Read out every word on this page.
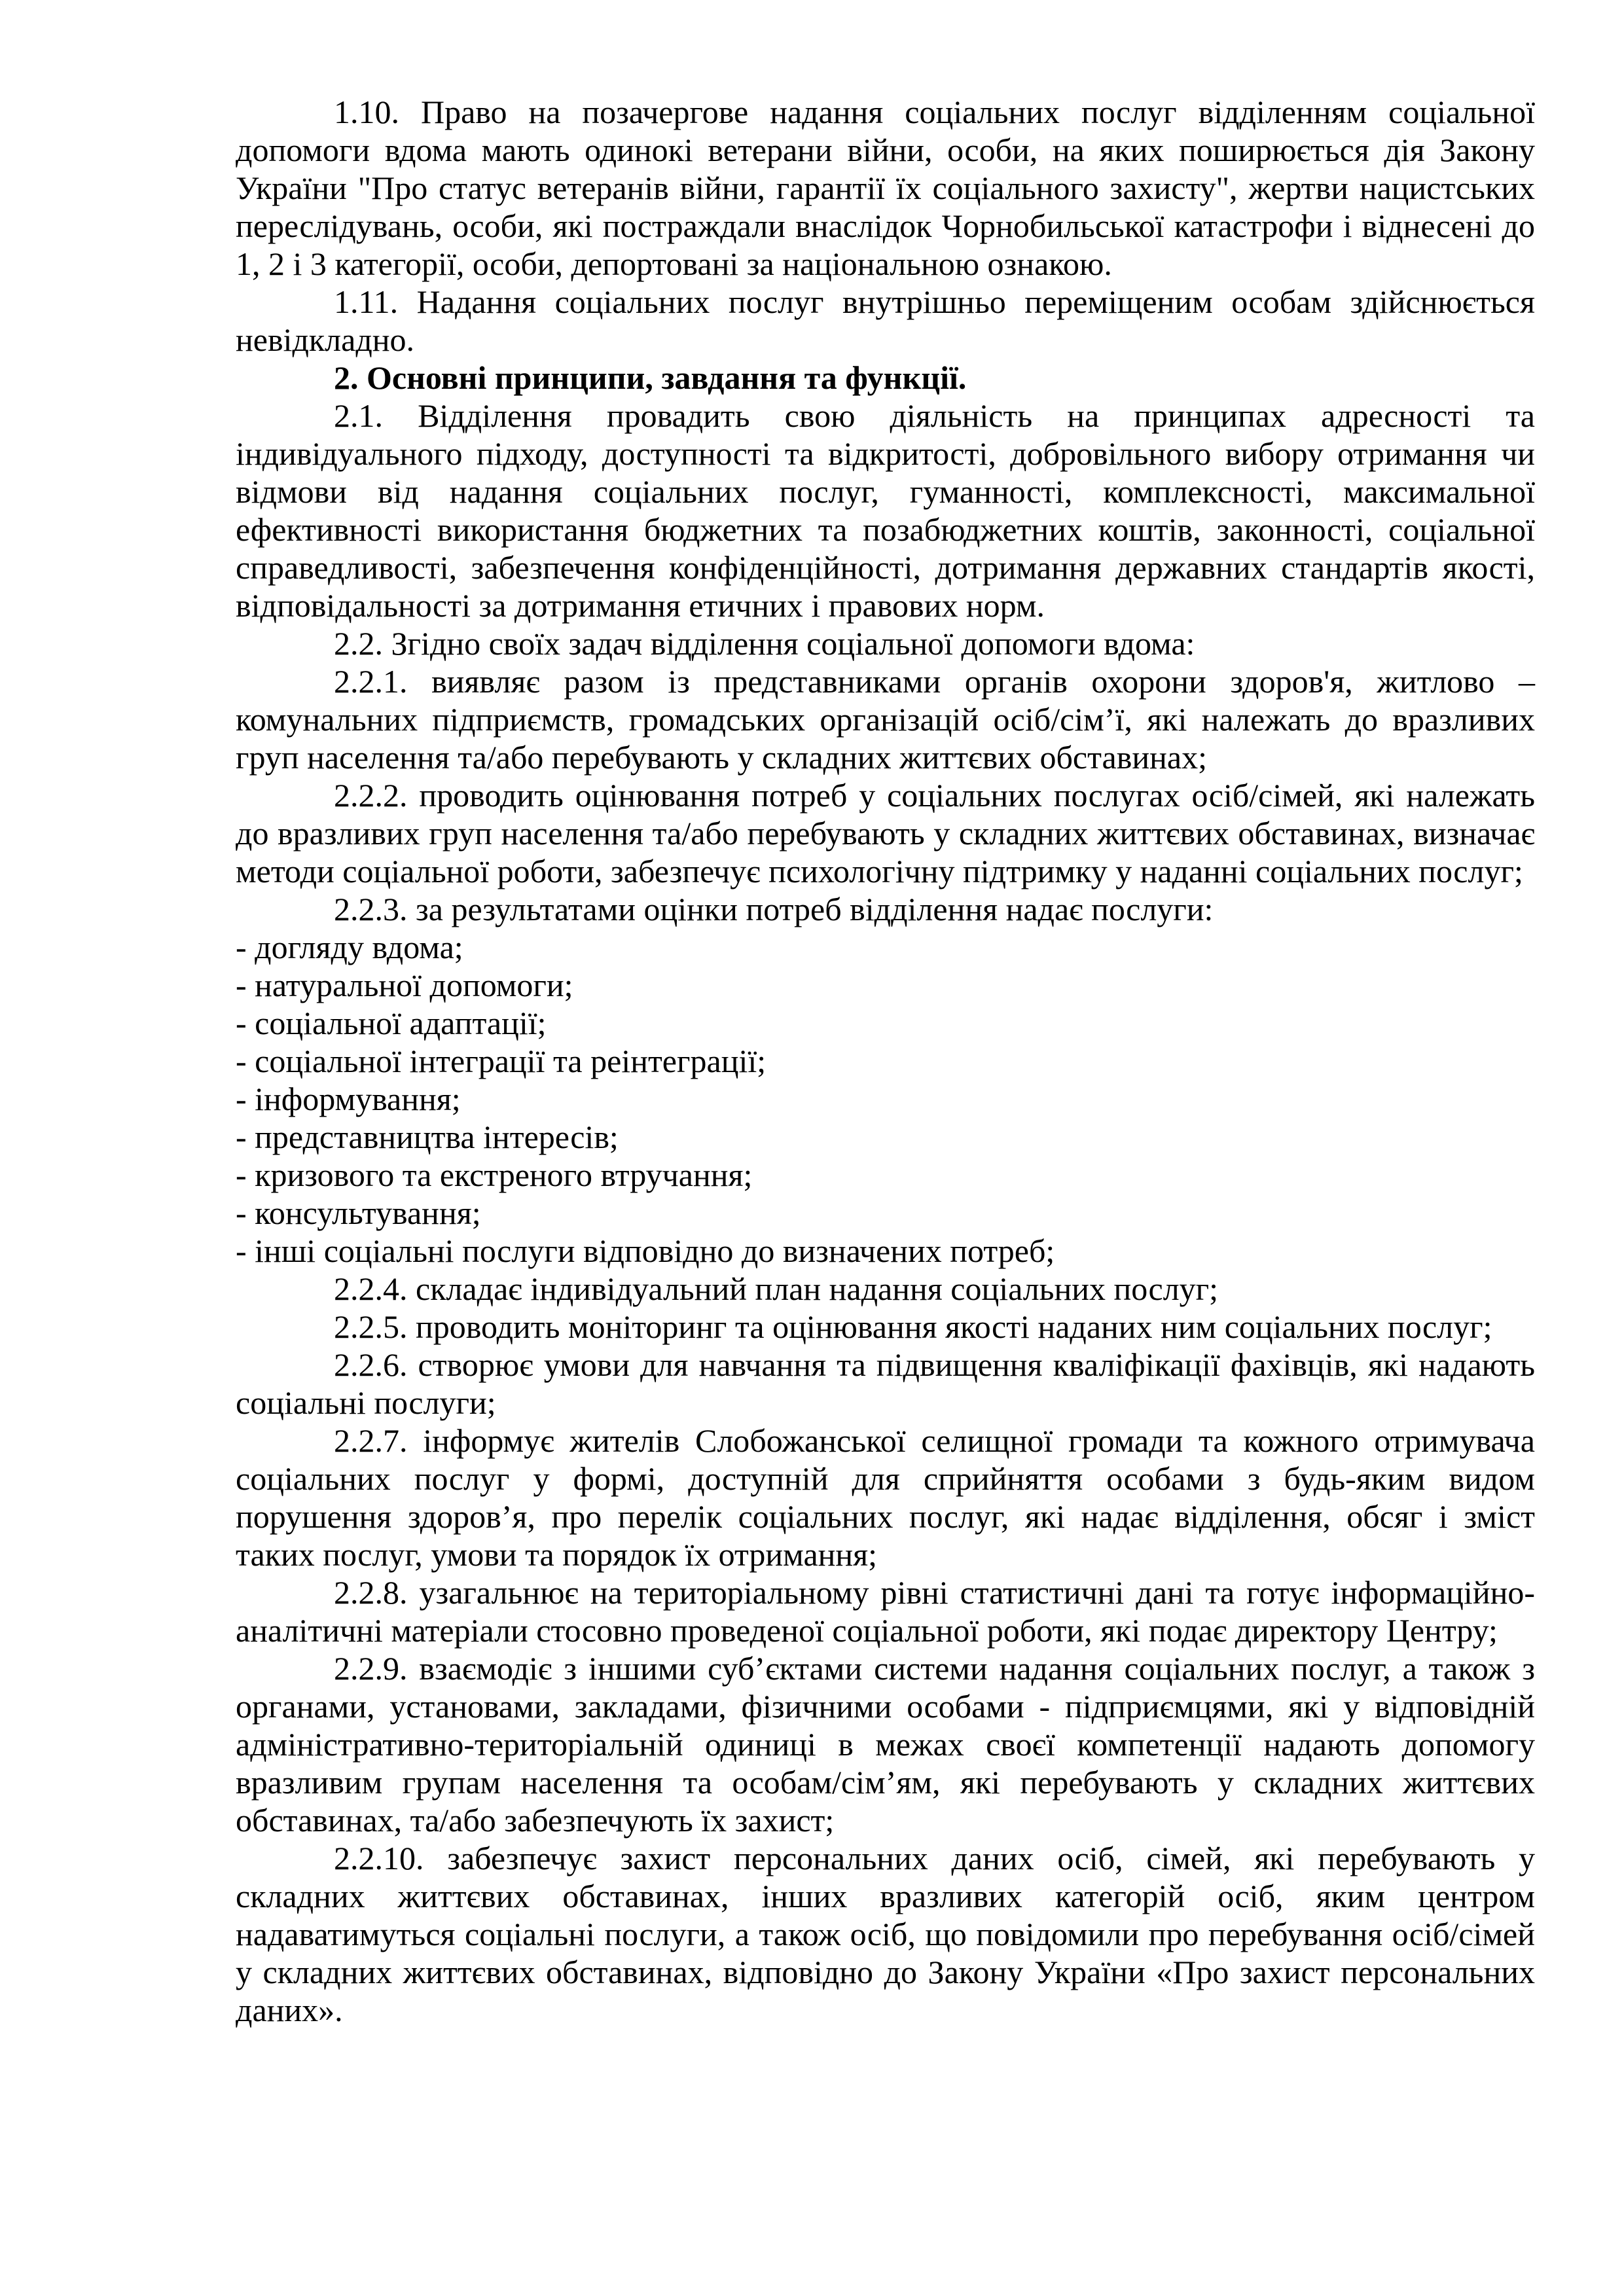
1.10. Право на позачергове надання соціальних послуг відділенням соціальної допомоги вдома мають одинокі ветерани війни, особи, на яких поширюється дія Закону України "Про статус ветеранів війни, гарантії їх соціального захисту", жертви нацистських переслідувань, особи, які постраждали внаслідок Чорнобильської катастрофи і віднесені до 1, 2 і 3 категорії, особи, депортовані за національною ознакою.

1.11. Надання соціальних послуг внутрішньо переміщеним особам здійснюється невідкладно.

2. Основні принципи, завдання та функції.

2.1. Відділення провадить свою діяльність на принципах адресності та індивідуального підходу, доступності та відкритості, добровільного вибору отримання чи відмови від надання соціальних послуг, гуманності, комплексності, максимальної ефективності використання бюджетних та позабюджетних коштів, законності, соціальної справедливості, забезпечення конфіденційності, дотримання державних стандартів якості, відповідальності за дотримання етичних і правових норм.

2.2. Згідно своїх задач відділення соціальної допомоги вдома:

2.2.1. виявляє разом із представниками органів охорони здоров'я, житлово – комунальних підприємств, громадських організацій осіб/сім’ї, які належать до вразливих груп населення та/або перебувають у складних життєвих обставинах;

2.2.2. проводить оцінювання потреб у соціальних послугах осіб/сімей, які належать до вразливих груп населення та/або перебувають у складних життєвих обставинах, визначає методи соціальної роботи, забезпечує психологічну підтримку у наданні соціальних послуг;

2.2.3. за результатами оцінки потреб відділення надає послуги:

- догляду вдома;

- натуральної допомоги;

- соціальної адаптації;

- соціальної інтеграції та реінтеграції;

- інформування;

- представництва інтересів;

- кризового та екстреного втручання;

- консультування;

- інші соціальні послуги відповідно до визначених потреб;

2.2.4. складає індивідуальний план надання соціальних послуг;

2.2.5. проводить моніторинг та оцінювання якості наданих ним соціальних послуг;

2.2.6. створює умови для навчання та підвищення кваліфікації фахівців, які надають соціальні послуги;

2.2.7. інформує жителів Слобожанської селищної громади та кожного отримувача соціальних послуг у формі, доступній для сприйняття особами з будь-яким видом порушення здоров’я, про перелік соціальних послуг, які надає відділення, обсяг і зміст таких послуг, умови та порядок їх отримання;

2.2.8. узагальнює на територіальному рівні статистичні дані та готує інформаційно-аналітичні матеріали стосовно проведеної соціальної роботи, які подає директору Центру;

2.2.9. взаємодіє з іншими суб’єктами системи надання соціальних послуг, а також з органами, установами, закладами, фізичними особами - підприємцями, які у відповідній адміністративно-територіальній одиниці в межах своєї компетенції надають допомогу вразливим групам населення та особам/сім’ям, які перебувають у складних життєвих обставинах, та/або забезпечують їх захист;

2.2.10. забезпечує захист персональних даних осіб, сімей, які перебувають у складних життєвих обставинах, інших вразливих категорій осіб, яким центром надаватимуться соціальні послуги, а також осіб, що повідомили про перебування осіб/сімей у складних життєвих обставинах, відповідно до Закону України «Про захист персональних даних».
